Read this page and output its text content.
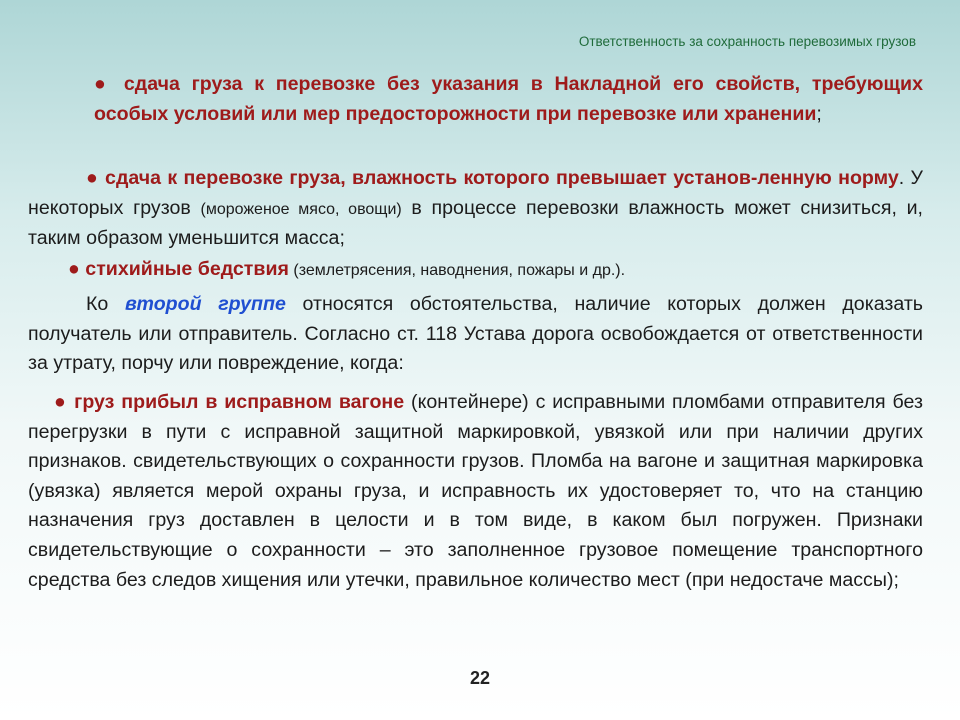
Ответственность за сохранность перевозимых грузов

● сдача груза к перевозке без указания в Накладной его свойств, требующих особых условий или мер предосторожности при перевозке или хранении;

● сдача к перевозке груза, влажность которого превышает установ-ленную норму. У некоторых грузов (мороженое мясо, овощи) в процессе перевозки влажность может снизиться, и, таким образом уменьшится масса;

● стихийные бедствия (землетрясения, наводнения, пожары и др.).

Ко второй группе относятся обстоятельства, наличие которых должен доказать получатель или отправитель. Согласно ст. 118 Устава дорога освобождается от ответственности за утрату, порчу или повреждение, когда:

● груз прибыл в исправном вагоне (контейнере) с исправными пломбами отправителя без перегрузки в пути с исправной защитной маркировкой, увязкой или при наличии других признаков. свидетельствующих о сохранности грузов. Пломба на вагоне и защитная маркировка (увязка) является мерой охраны груза, и исправность их удостоверяет то, что на станцию назначения груз доставлен в целости и в том виде, в каком был погружен. Признаки свидетельствующие о сохранности – это заполненное грузовое помещение транспортного средства без следов хищения или утечки, правильное количество мест (при недостаче массы);

22
